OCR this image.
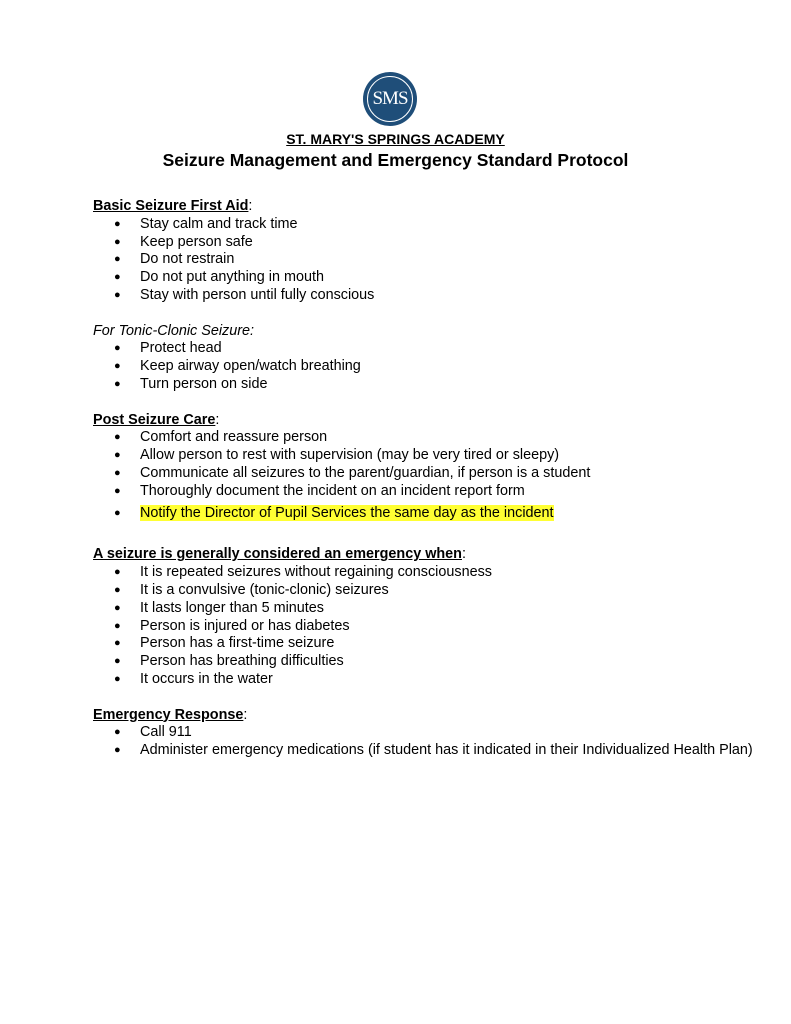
SMS
ST. MARY'S SPRINGS ACADEMY
Seizure Management and Emergency Standard Protocol

Basic Seizure First Aid:

● Stay calm and track time
● Keep person safe
● Do not restrain
● Do not put anything in mouth
● Stay with person until fully conscious

For Tonic-Clonic Seizure:

● Protect head
● Keep airway open/watch breathing
● Turn person on side

Post Seizure Care:

● Comfort and reassure person
● Allow person to rest with supervision (may be very tired or sleepy)
● Communicate all seizures to the parent/guardian, if person is a student
● Thoroughly document the incident on an incident report form
● Notify the Director of Pupil Services the same day as the incident

A seizure is generally considered an emergency when:

● It is repeated seizures without regaining consciousness
● It is a convulsive (tonic-clonic) seizures
● It lasts longer than 5 minutes
● Person is injured or has diabetes
● Person has a first-time seizure
● Person has breathing difficulties
● It occurs in the water

Emergency Response:

● Call 911
● Administer emergency medications (if student has it indicated in their Individualized Health Plan)
